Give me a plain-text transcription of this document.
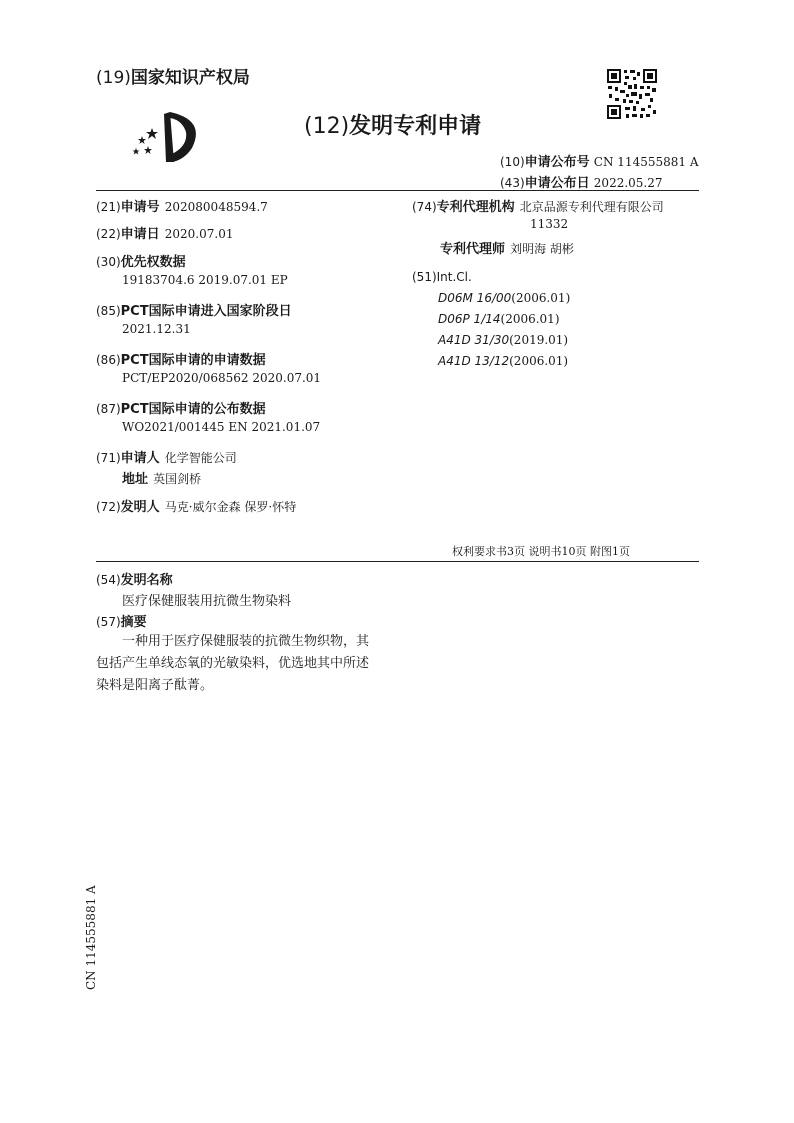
(19)国家知识产权局
(12)发明专利申请
(10)申请公布号 CN 114555881 A
(43)申请公布日 2022.05.27
(21)申请号 202080048594.7
(22)申请日 2020.07.01
(30)优先权数据
19183704.6 2019.07.01 EP
(85)PCT国际申请进入国家阶段日
2021.12.31
(86)PCT国际申请的申请数据
PCT/EP2020/068562 2020.07.01
(87)PCT国际申请的公布数据
WO2021/001445 EN 2021.01.07
(71)申请人 化学智能公司
地址 英国剑桥
(72)发明人 马克·威尔金森 保罗·怀特
(74)专利代理机构 北京品源专利代理有限公司
11332
专利代理师 刘明海 胡彬
(51)Int.Cl.
D06M 16/00(2006.01)
D06P 1/14(2006.01)
A41D 31/30(2019.01)
A41D 13/12(2006.01)
权利要求书3页 说明书10页 附图1页
(54)发明名称
医疗保健服装用抗微生物染料
(57)摘要
一种用于医疗保健服装的抗微生物织物，其
包括产生单线态氧的光敏染料，优选地其中所述
染料是阳离子酞菁。
CN 114555881 A
